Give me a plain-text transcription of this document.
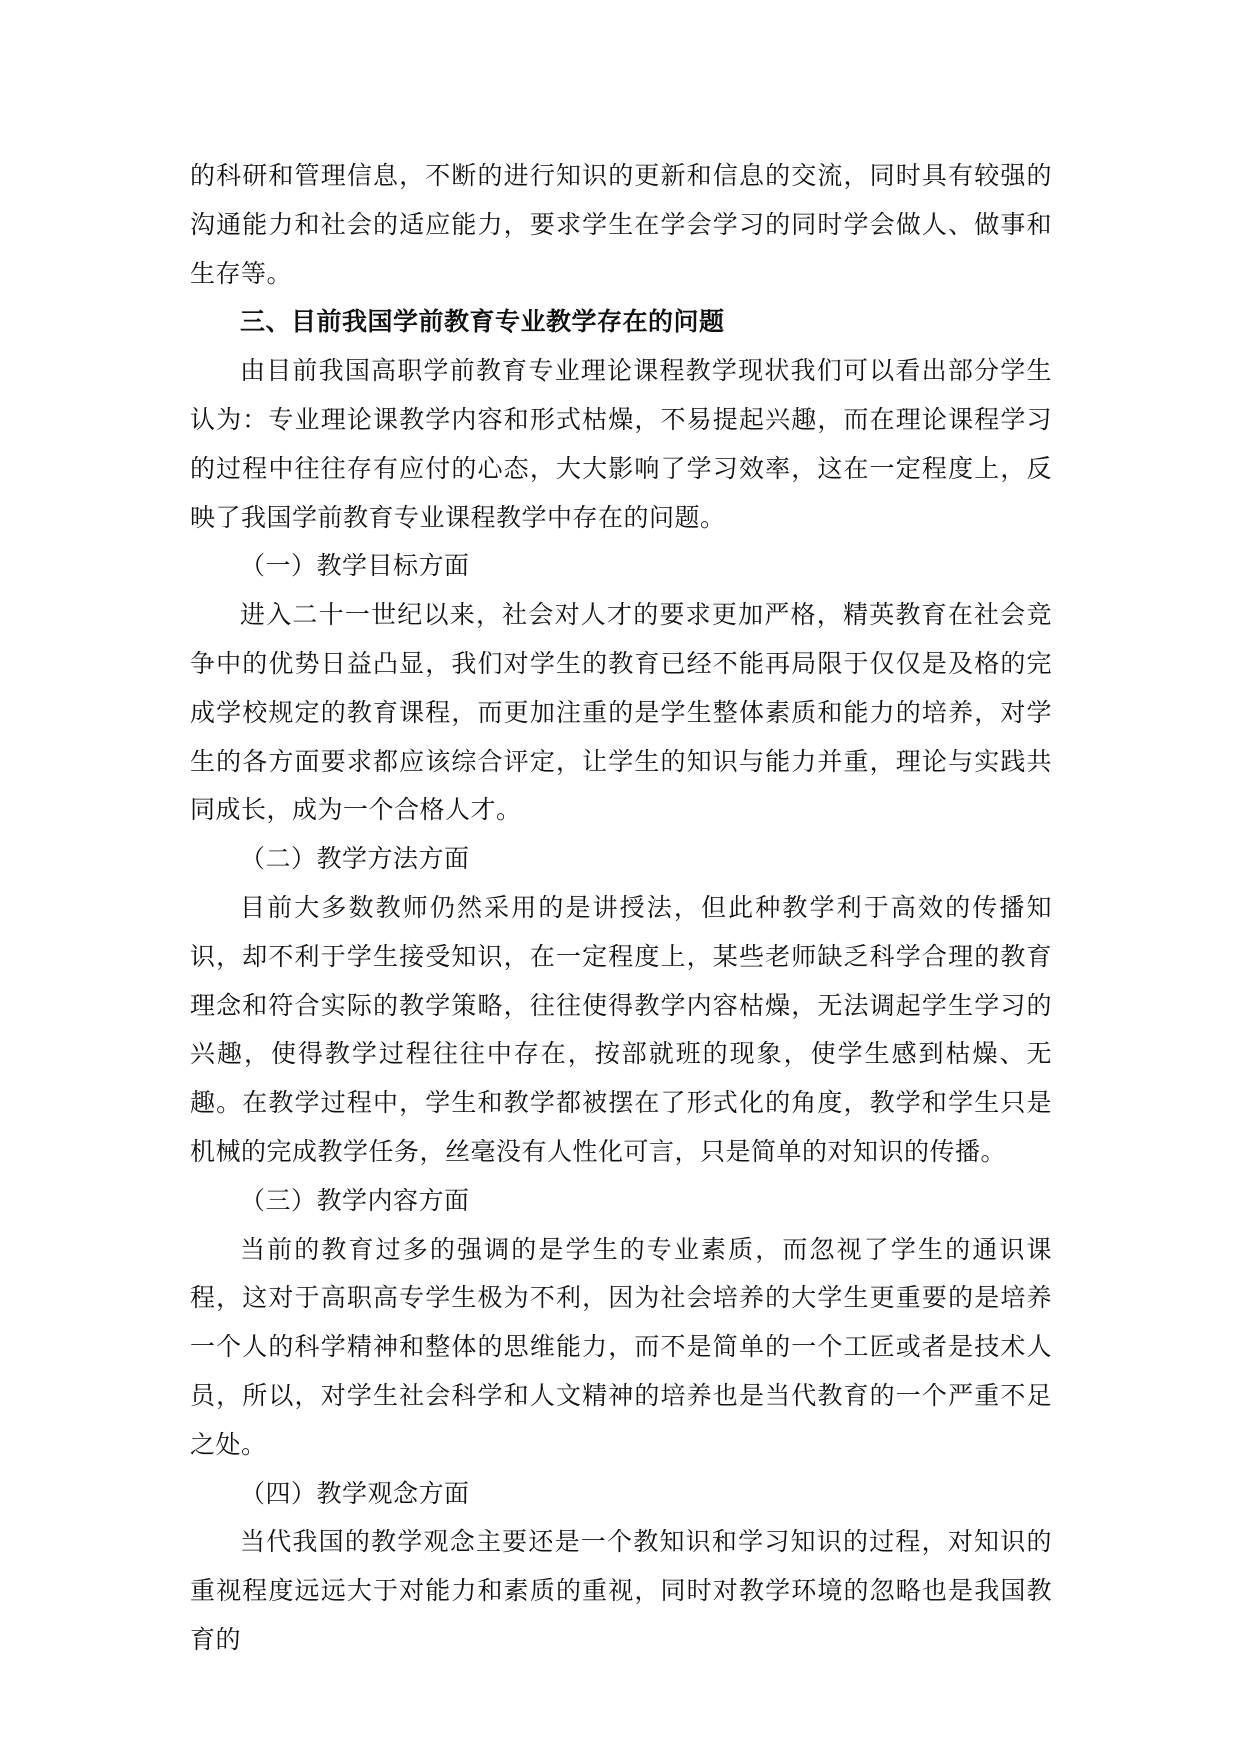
的科研和管理信息，不断的进行知识的更新和信息的交流，同时具有较强的沟通能力和社会的适应能力，要求学生在学会学习的同时学会做人、做事和生存等。

三、目前我国学前教育专业教学存在的问题

由目前我国高职学前教育专业理论课程教学现状我们可以看出部分学生认为：专业理论课教学内容和形式枯燥，不易提起兴趣，而在理论课程学习的过程中往往存有应付的心态，大大影响了学习效率，这在一定程度上，反映了我国学前教育专业课程教学中存在的问题。

（一）教学目标方面

进入二十一世纪以来，社会对人才的要求更加严格，精英教育在社会竞争中的优势日益凸显，我们对学生的教育已经不能再局限于仅仅是及格的完成学校规定的教育课程，而更加注重的是学生整体素质和能力的培养，对学生的各方面要求都应该综合评定，让学生的知识与能力并重，理论与实践共同成长，成为一个合格人才。

（二）教学方法方面

目前大多数教师仍然采用的是讲授法，但此种教学利于高效的传播知识，却不利于学生接受知识，在一定程度上，某些老师缺乏科学合理的教育理念和符合实际的教学策略，往往使得教学内容枯燥，无法调起学生学习的兴趣，使得教学过程往往中存在，按部就班的现象，使学生感到枯燥、无趣。在教学过程中，学生和教学都被摆在了形式化的角度，教学和学生只是机械的完成教学任务，丝毫没有人性化可言，只是简单的对知识的传播。

（三）教学内容方面

当前的教育过多的强调的是学生的专业素质，而忽视了学生的通识课程，这对于高职高专学生极为不利，因为社会培养的大学生更重要的是培养一个人的科学精神和整体的思维能力，而不是简单的一个工匠或者是技术人员，所以，对学生社会科学和人文精神的培养也是当代教育的一个严重不足之处。

（四）教学观念方面

当代我国的教学观念主要还是一个教知识和学习知识的过程，对知识的重视程度远远大于对能力和素质的重视，同时对教学环境的忽略也是我国教育的
